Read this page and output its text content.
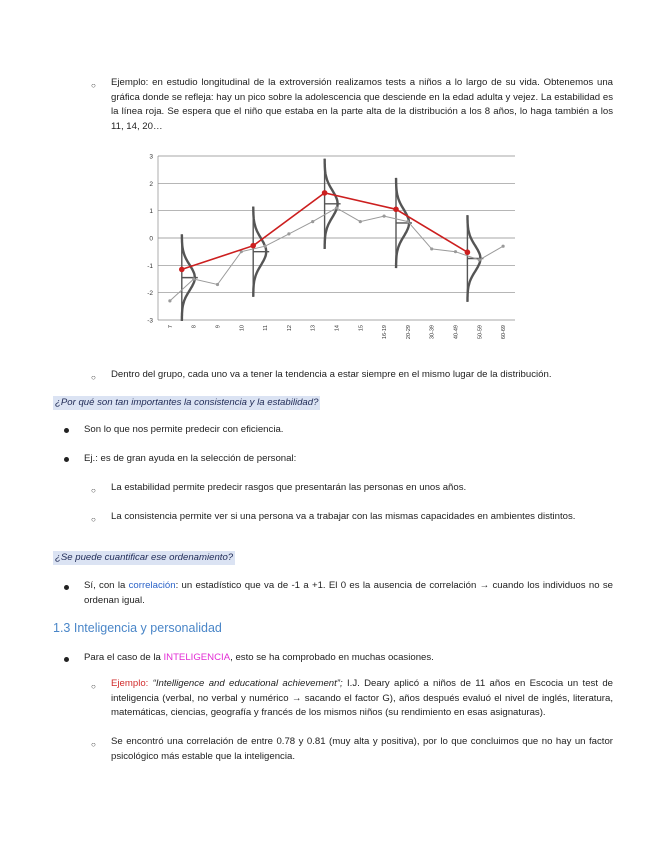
○ Ejemplo: en estudio longitudinal de la extroversión realizamos tests a niños a lo largo de su vida. Obtenemos una gráfica donde se refleja: hay un pico sobre la adolescencia que desciende en la edad adulta y vejez. La estabilidad es la línea roja. Se espera que el niño que estaba en la parte alta de la distribución a los 8 años, lo haga también a los 11, 14, 20…

3
2
1
0
-1
-2
-3
7	8	9	10	11	12	13	14	15	16-19	20-29	30-39	40-49	50-59	60-69
○ Dentro del grupo, cada uno va a tener la tendencia a estar siempre en el mismo lugar de la distribución.

¿Por qué son tan importantes la consistencia y la estabilidad?

Son lo que nos permite predecir con eficiencia.

Ej.: es de gran ayuda en la selección de personal:

○ La estabilidad permite predecir rasgos que presentarán las personas en unos años.

○ La consistencia permite ver si una persona va a trabajar con las mismas capacidades en ambientes distintos.

¿Se puede cuantificar ese ordenamiento?

Sí, con la correlación: un estadístico que va de -1 a +1. El 0 es la ausencia de correlación → cuando los individuos no se ordenan igual.

1.3 Inteligencia y personalidad

Para el caso de la INTELIGENCIA, esto se ha comprobado en muchas ocasiones.

○ Ejemplo: “Intelligence and educational achievement”; I.J. Deary aplicó a niños de 11 años en Escocia un test de inteligencia (verbal, no verbal y numérico → sacando el factor G), años después evaluó el nivel de inglés, literatura, matemáticas, ciencias, geografía y francés de los mismos niños (su rendimiento en esas asignaturas).

○ Se encontró una correlación de entre 0.78 y 0.81 (muy alta y positiva), por lo que concluimos que no hay un factor psicológico más estable que la inteligencia.
